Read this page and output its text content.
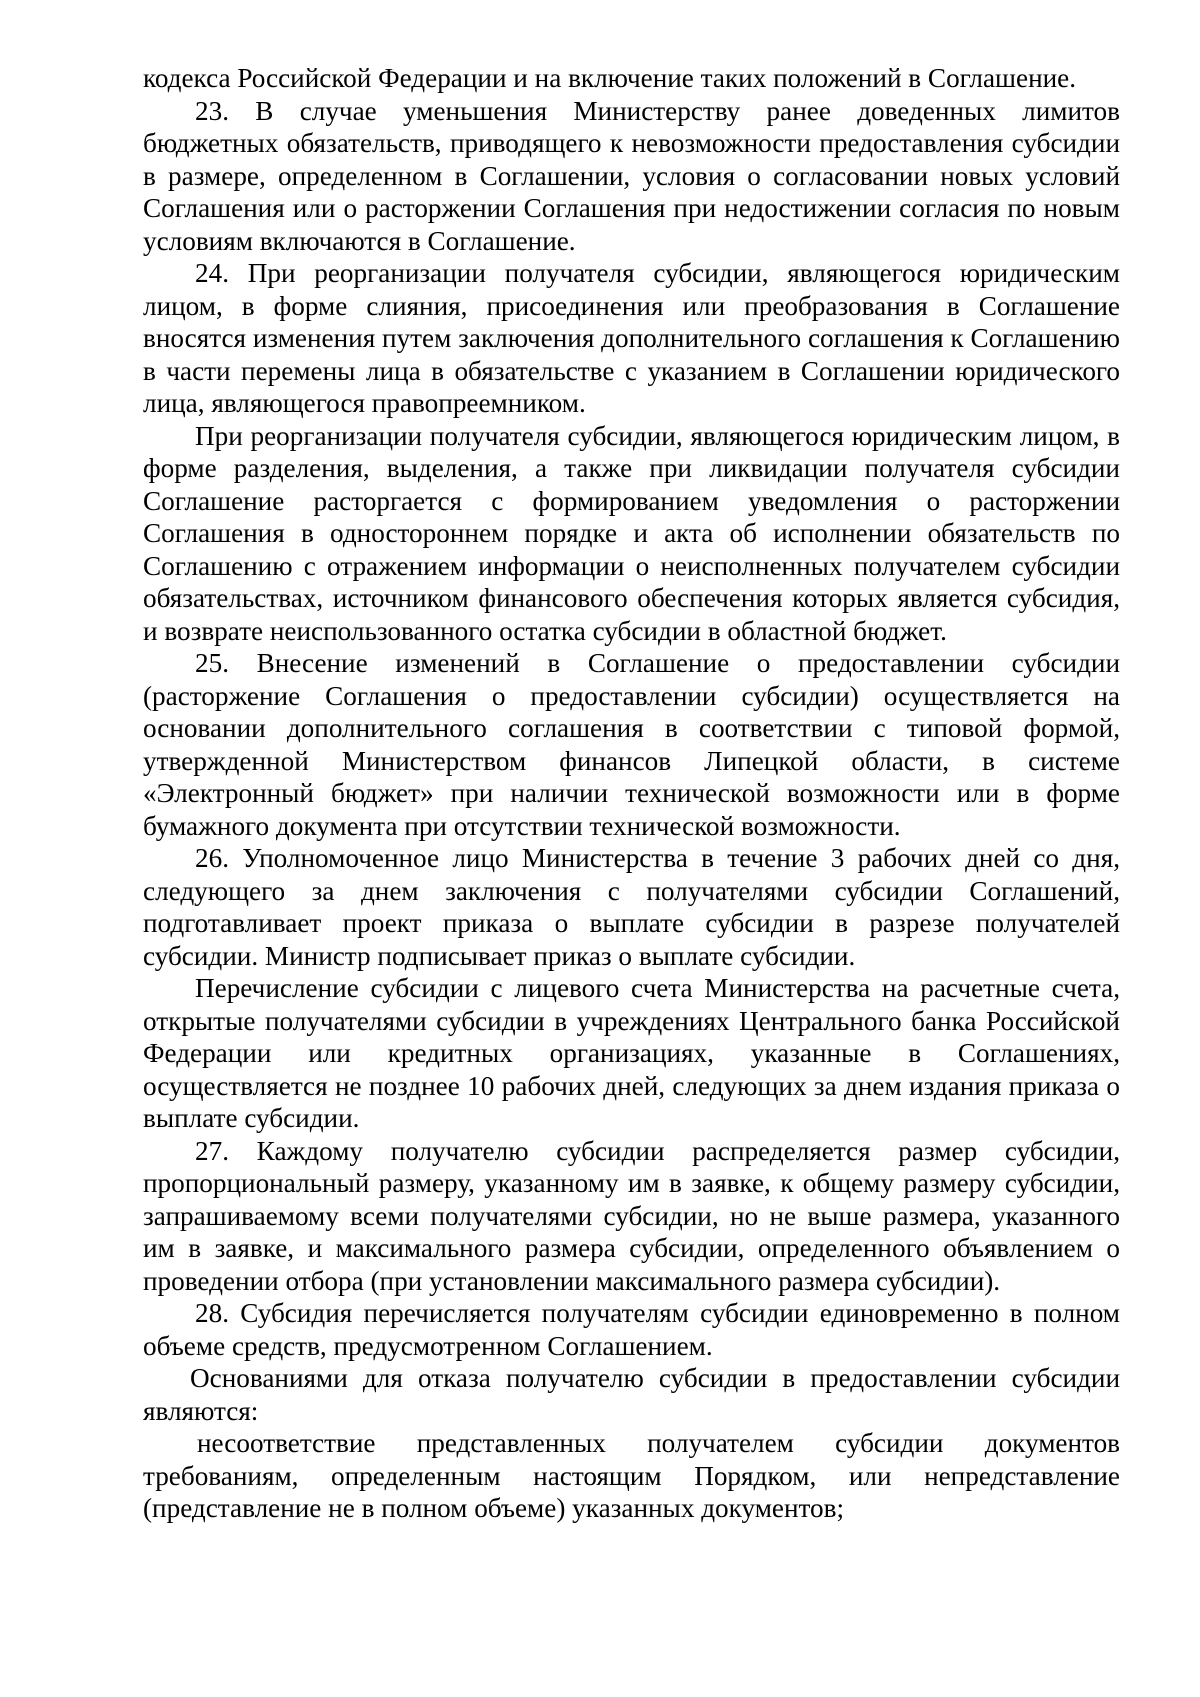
кодекса Российской Федерации и на включение таких положений в Соглашение.

23. В случае уменьшения Министерству ранее доведенных лимитов бюджетных обязательств, приводящего к невозможности предоставления субсидии в размере, определенном в Соглашении, условия о согласовании новых условий Соглашения или о расторжении Соглашения при недостижении согласия по новым условиям включаются в Соглашение.

24. При реорганизации получателя субсидии, являющегося юридическим лицом, в форме слияния, присоединения или преобразования в Соглашение вносятся изменения путем заключения дополнительного соглашения к Соглашению в части перемены лица в обязательстве с указанием в Соглашении юридического лица, являющегося правопреемником.

При реорганизации получателя субсидии, являющегося юридическим лицом, в форме разделения, выделения, а также при ликвидации получателя субсидии Соглашение расторгается с формированием уведомления о расторжении Соглашения в одностороннем порядке и акта об исполнении обязательств по Соглашению с отражением информации о неисполненных получателем субсидии обязательствах, источником финансового обеспечения которых является субсидия, и возврате неиспользованного остатка субсидии в областной бюджет.

25. Внесение изменений в Соглашение о предоставлении субсидии (расторжение Соглашения о предоставлении субсидии) осуществляется на основании дополнительного соглашения в соответствии с типовой формой, утвержденной Министерством финансов Липецкой области, в системе «Электронный бюджет» при наличии технической возможности или в форме бумажного документа при отсутствии технической возможности.

26. Уполномоченное лицо Министерства в течение 3 рабочих дней со дня, следующего за днем заключения с получателями субсидии Соглашений, подготавливает проект приказа о выплате субсидии в разрезе получателей субсидии. Министр подписывает приказ о выплате субсидии.

Перечисление субсидии с лицевого счета Министерства на расчетные счета, открытые получателями субсидии в учреждениях Центрального банка Российской Федерации или кредитных организациях, указанные в Соглашениях, осуществляется не позднее 10 рабочих дней, следующих за днем издания приказа о выплате субсидии.

27. Каждому получателю субсидии распределяется размер субсидии, пропорциональный размеру, указанному им в заявке, к общему размеру субсидии, запрашиваемому всеми получателями субсидии, но не выше размера, указанного им в заявке, и максимального размера субсидии, определенного объявлением о проведении отбора (при установлении максимального размера субсидии).

28. Субсидия перечисляется получателям субсидии единовременно в полном объеме средств, предусмотренном Соглашением.

Основаниями для отказа получателю субсидии в предоставлении субсидии являются:

несоответствие представленных получателем субсидии документов требованиям, определенным настоящим Порядком, или непредставление (представление не в полном объеме) указанных документов;
